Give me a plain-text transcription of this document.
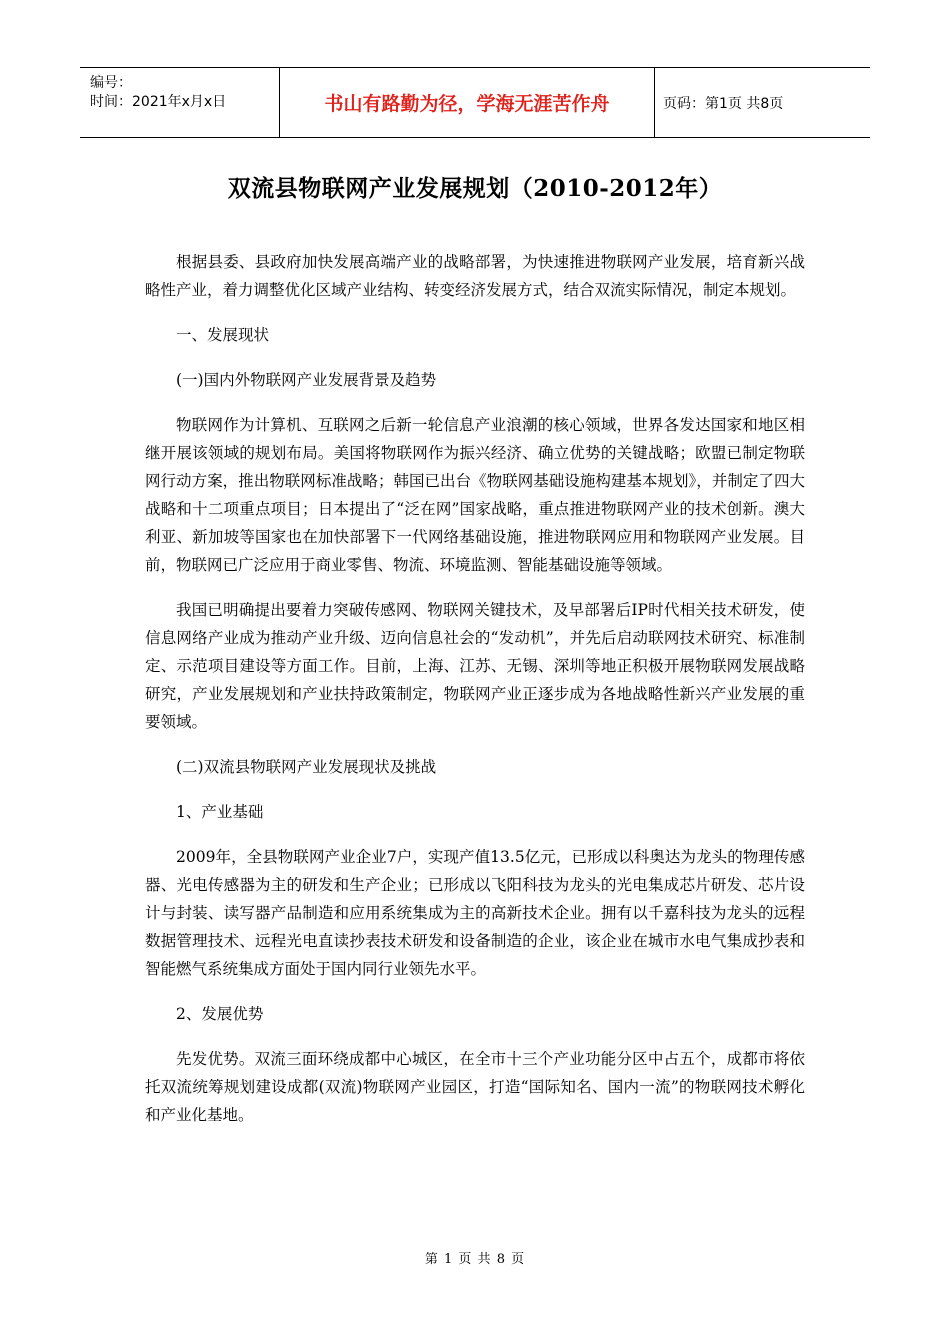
编号：
时间：2021年x月x日	书山有路勤为径，学海无涯苦作舟	页码：第1页 共8页
双流县物联网产业发展规划（2010-2012年）

根据县委、县政府加快发展高端产业的战略部署，为快速推进物联网产业发展，培育新兴战略性产业，着力调整优化区域产业结构、转变经济发展方式，结合双流实际情况，制定本规划。

一、发展现状

(一)国内外物联网产业发展背景及趋势

物联网作为计算机、互联网之后新一轮信息产业浪潮的核心领域，世界各发达国家和地区相继开展该领域的规划布局。美国将物联网作为振兴经济、确立优势的关键战略；欧盟已制定物联网行动方案，推出物联网标准战略；韩国已出台《物联网基础设施构建基本规划》，并制定了四大战略和十二项重点项目；日本提出了“泛在网”国家战略，重点推进物联网产业的技术创新。澳大利亚、新加坡等国家也在加快部署下一代网络基础设施，推进物联网应用和物联网产业发展。目前，物联网已广泛应用于商业零售、物流、环境监测、智能基础设施等领域。

我国已明确提出要着力突破传感网、物联网关键技术，及早部署后IP时代相关技术研发，使信息网络产业成为推动产业升级、迈向信息社会的“发动机”，并先后启动联网技术研究、标准制定、示范项目建设等方面工作。目前，上海、江苏、无锡、深圳等地正积极开展物联网发展战略研究，产业发展规划和产业扶持政策制定，物联网产业正逐步成为各地战略性新兴产业发展的重要领域。

(二)双流县物联网产业发展现状及挑战

1、产业基础

2009年，全县物联网产业企业7户，实现产值13.5亿元，已形成以科奥达为龙头的物理传感器、光电传感器为主的研发和生产企业；已形成以飞阳科技为龙头的光电集成芯片研发、芯片设计与封装、读写器产品制造和应用系统集成为主的高新技术企业。拥有以千嘉科技为龙头的远程数据管理技术、远程光电直读抄表技术研发和设备制造的企业，该企业在城市水电气集成抄表和智能燃气系统集成方面处于国内同行业领先水平。

2、发展优势

先发优势。双流三面环绕成都中心城区，在全市十三个产业功能分区中占五个，成都市将依托双流统筹规划建设成都(双流)物联网产业园区，打造“国际知名、国内一流”的物联网技术孵化和产业化基地。

第 1 页 共 8 页
